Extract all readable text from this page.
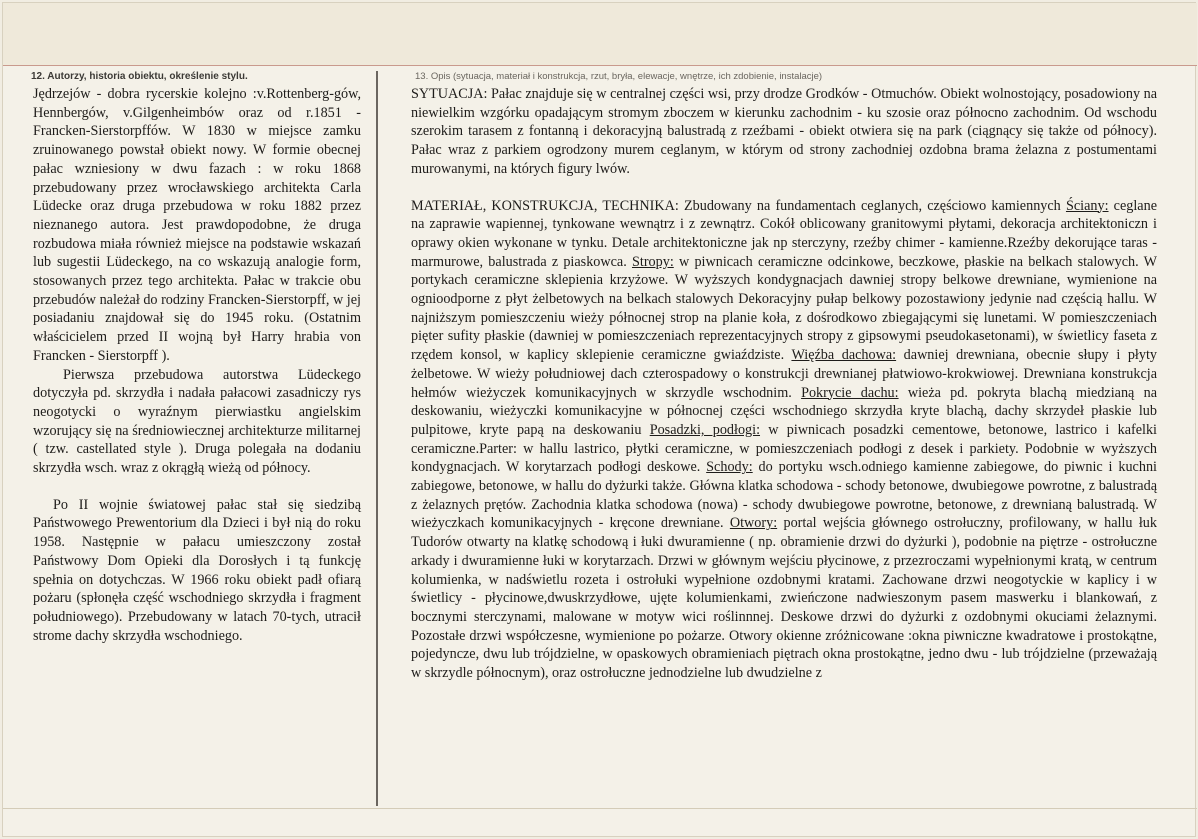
12. Autorzy, historia obiektu, określenie stylu.	13. Opis (sytuacja, materiał i konstrukcja, rzut, bryła, elewacje, wnętrze, ich zdobienie, instalacje)

Jędrzejów - dobra rycerskie kolejno :v.Rottenberg-gów, Hennbergów, v.Gilgenheimbów oraz od r.1851 - Francken-Sierstorpffów. W 1830 w miejsce zamku zruinowanego powstał obiekt nowy. W formie obecnej pałac wzniesiony w dwu fazach : w roku 1868 przebudowany przez wrocławskiego architekta Carla Lüdecke oraz druga przebudowa w roku 1882 przez nieznanego autora. Jest prawdopodobne, że druga rozbudowa miała również miejsce na podstawie wskazań lub sugestii Lüdeckego, na co wskazują analogie form, stosowanych przez tego architekta. Pałac w trakcie obu przebudów należał do rodziny Francken-Sierstorpff, w jej posiadaniu znajdował się do 1945 roku. (Ostatnim właścicielem przed II wojną był Harry hrabia von Francken - Sierstorpff ).

Pierwsza przebudowa autorstwa Lüdeckego dotyczyła pd. skrzydła i nadała pałacowi zasadniczy rys neogotycki o wyraźnym pierwiastku angielskim wzorujący się na średniowiecznej architekturze militarnej ( tzw. castellated style ). Druga polegała na dodaniu skrzydła wsch. wraz z okrągłą wieżą od północy.

Po II wojnie światowej pałac stał się siedzibą Państwowego Prewentorium dla Dzieci i był nią do roku 1958. Następnie w pałacu umieszczony został Państwowy Dom Opieki dla Dorosłych i tą funkcję spełnia on dotychczas. W 1966 roku obiekt padł ofiarą pożaru (spłonęła część wschodniego skrzydła i fragment południowego). Przebudowany w latach 70-tych, utracił strome dachy skrzydła wschodniego.

SYTUACJA: Pałac znajduje się w centralnej części wsi, przy drodze Grodków - Otmuchów. Obiekt wolnostojący, posadowiony na niewielkim wzgórku opadającym stromym zboczem w kierunku zachodnim - ku szosie oraz północno zachodnim. Od wschodu szerokim tarasem z fontanną i dekoracyjną balustradą z rzeźbami - obiekt otwiera się na park (ciągnący się także od północy). Pałac wraz z parkiem ogrodzony murem ceglanym, w którym od strony zachodniej ozdobna brama żelazna z postumentami murowanymi, na których figury lwów.

MATERIAŁ, KONSTRUKCJA, TECHNIKA: Zbudowany na fundamentach ceglanych, częściowo kamiennych Ściany: ceglane na zaprawie wapiennej, tynkowane wewnątrz i z zewnątrz. Cokół oblicowany granitowymi płytami, dekoracja architektoniczn i oprawy okien wykonane w tynku. Detale architektoniczne jak np sterczyny, rzeźby chimer - kamienne.Rzeźby dekorujące taras - marmurowe, balustrada z piaskowca. Stropy: w piwnicach ceramiczne odcinkowe, beczkowe, płaskie na belkach stalowych. W portykach ceramiczne sklepienia krzyżowe. W wyższych kondygnacjach dawniej stropy belkowe drewniane, wymienione na ognioodporne z płyt żelbetowych na belkach stalowych Dekoracyjny pułap belkowy pozostawiony jedynie nad częścią hallu. W najniższym pomieszczeniu wieży północnej strop na planie koła, z dośrodkowo zbiegającymi się lunetami. W pomieszczeniach pięter sufity płaskie (dawniej w pomieszczeniach reprezentacyjnych stropy z gipsowymi pseudokasetonami), w świetlicy faseta z rzędem konsol, w kaplicy sklepienie ceramiczne gwiaździste. Więźba dachowa: dawniej drewniana, obecnie słupy i płyty żelbetowe. W wieży południowej dach czterospadowy o konstrukcji drewnianej płatwiowo-krokwiowej. Drewniana konstrukcja hełmów wieżyczek komunikacyjnych w skrzydle wschodnim. Pokrycie dachu: wieża pd. pokryta blachą miedzianą na deskowaniu, wieżyczki komunikacyjne w północnej części wschodniego skrzydła kryte blachą, dachy skrzydeł płaskie lub pulpitowe, kryte papą na deskowaniu Posadzki, podłogi: w piwnicach posadzki cementowe, betonowe, lastrico i kafelki ceramiczne.Parter: w hallu lastrico, płytki ceramiczne, w pomieszczeniach podłogi z desek i parkiety. Podobnie w wyższych kondygnacjach. W korytarzach podłogi deskowe. Schody: do portyku wsch.odniego kamienne zabiegowe, do piwnic i kuchni zabiegowe, betonowe, w hallu do dyżurki także. Główna klatka schodowa - schody betonowe, dwubiegowe powrotne, z balustradą z żelaznych prętów. Zachodnia klatka schodowa (nowa) - schody dwubiegowe powrotne, betonowe, z drewnianą balustradą. W wieżyczkach komunikacyjnych - kręcone drewniane. Otwory: portal wejścia głównego ostrołuczny, profilowany, w hallu łuk Tudorów otwarty na klatkę schodową i łuki dwuramienne ( np. obramienie drzwi do dyżurki ), podobnie na piętrze - ostrołuczne arkady i dwuramienne łuki w korytarzach. Drzwi w głównym wejściu płycinowe, z przezroczami wypełnionymi kratą, w centrum kolumienka, w nadświetlu rozeta i ostrołuki wypełnione ozdobnymi kratami. Zachowane drzwi neogotyckie w kaplicy i w świetlicy - płycinowe,dwuskrzydłowe, ujęte kolumienkami, zwieńczone nadwieszonym pasem maswerku i blankowań, z bocznymi sterczynami, malowane w motyw wici roślinnnej. Deskowe drzwi do dyżurki z ozdobnymi okuciami żelaznymi. Pozostałe drzwi współczesne, wymienione po pożarze. Otwory okienne zróżnicowane :okna piwniczne kwadratowe i prostokątne, pojedyncze, dwu lub trójdzielne, w opaskowych obramieniach piętrach okna prostokątne, jedno dwu - lub trójdzielne (przeważają w skrzydle północnym), oraz ostrołuczne jednodzielne lub dwudzielne z
